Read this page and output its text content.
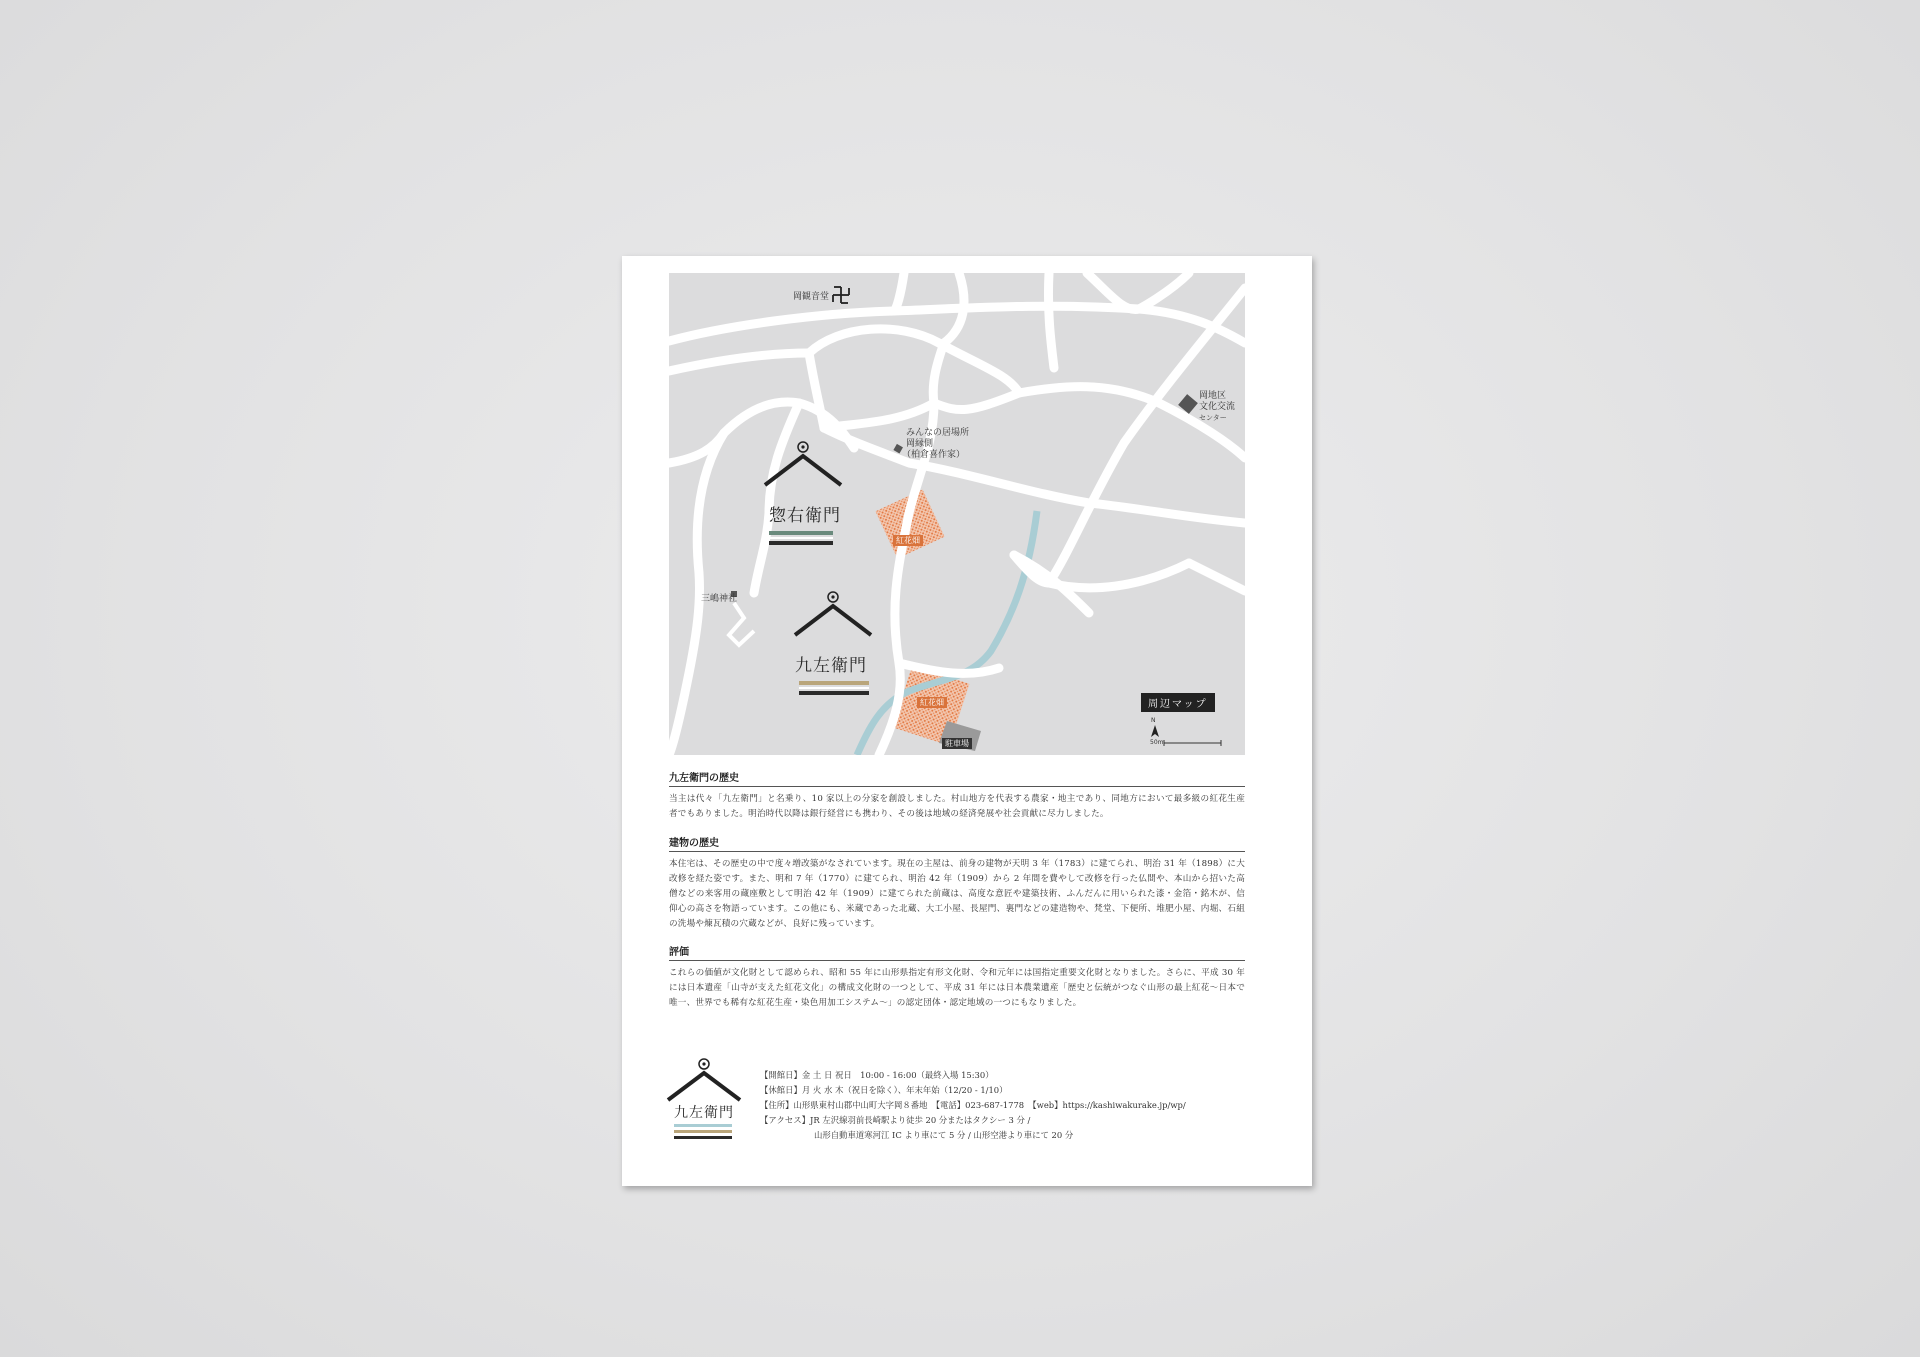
岡観音堂
岡地区
文化交流
センター
みんなの居場所
岡縁側
（柏倉喜作家）
三嶋神社
紅花畑
紅花畑
駐車場
惣右衛門
九左衛門
周辺マップ
N
50m
九左衛門の歴史
当主は代々「九左衛門」と名乗り、10 家以上の分家を創設しました。村山地方を代表する農家・地主であり、同地方において最多級の紅花生産者でもありました。明治時代以降は銀行経営にも携わり、その後は地域の経済発展や社会貢献に尽力しました。
建物の歴史
本住宅は、その歴史の中で度々増改築がなされています。現在の主屋は、前身の建物が天明 3 年（1783）に建てられ、明治 31 年（1898）に大改修を経た姿です。また、明和 7 年（1770）に建てられ、明治 42 年（1909）から 2 年間を費やして改修を行った仏間や、本山から招いた高僧などの来客用の蔵座敷として明治 42 年（1909）に建てられた前蔵は、高度な意匠や建築技術、ふんだんに用いられた漆・金箔・銘木が、信仰心の高さを物語っています。この他にも、米蔵であった北蔵、大工小屋、長屋門、裏門などの建造物や、梵堂、下便所、堆肥小屋、内堀、石組の洗場や煉瓦積の穴蔵などが、良好に残っています。
評価
これらの価値が文化財として認められ、昭和 55 年に山形県指定有形文化財、令和元年には国指定重要文化財となりました。さらに、平成 30 年には日本遺産「山寺が支えた紅花文化」の構成文化財の一つとして、平成 31 年には日本農業遺産「歴史と伝統がつなぐ山形の最上紅花〜日本で唯一、世界でも稀有な紅花生産・染色用加工システム〜」の認定団体・認定地域の一つにもなりました。
九左衛門
【開館日】金 土 日 祝日　10:00 - 16:00（最終入場 15:30）
【休館日】月 火 水 木（祝日を除く）、年末年始（12/20 - 1/10）
【住所】山形県東村山郡中山町大字岡８番地　【電話】023-687-1778　【web】https://kashiwakurake.jp/wp/
【アクセス】JR 左沢線羽前長崎駅より徒歩 20 分またはタクシー 3 分 /
山形自動車道寒河江 IC より車にて 5 分 / 山形空港より車にて 20 分
